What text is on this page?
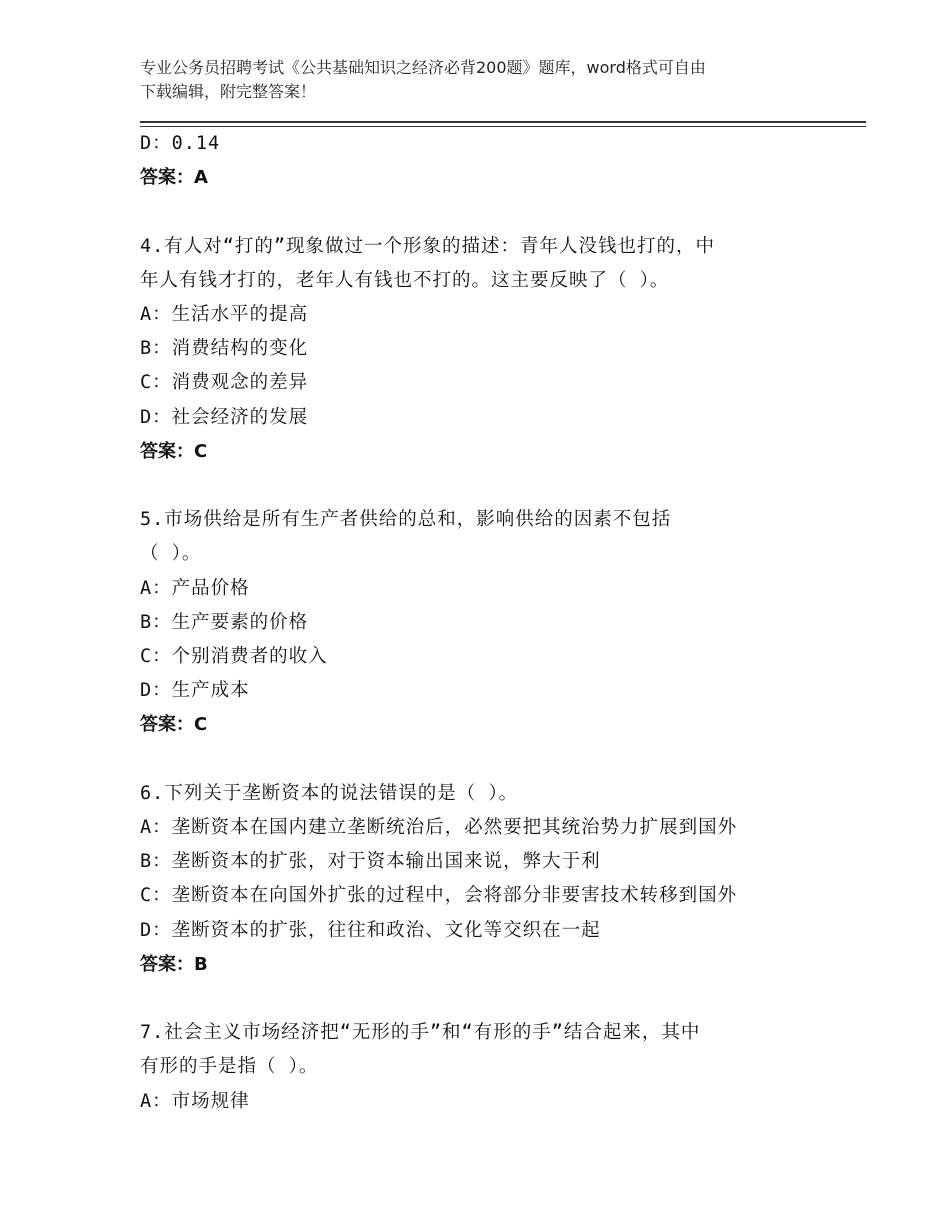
专业公务员招聘考试《公共基础知识之经济必背200题》题库，word格式可自由
下载编辑，附完整答案！
D：0.14
答案：A
4.有人对“打的”现象做过一个形象的描述：青年人没钱也打的，中
年人有钱才打的，老年人有钱也不打的。这主要反映了（ ）。
A：生活水平的提高
B：消费结构的变化
C：消费观念的差异
D：社会经济的发展
答案：C
5.市场供给是所有生产者供给的总和，影响供给的因素不包括
（ ）。
A：产品价格
B：生产要素的价格
C：个别消费者的收入
D：生产成本
答案：C
6.下列关于垄断资本的说法错误的是（ ）。
A：垄断资本在国内建立垄断统治后，必然要把其统治势力扩展到国外
B：垄断资本的扩张，对于资本输出国来说，弊大于利
C：垄断资本在向国外扩张的过程中，会将部分非要害技术转移到国外
D：垄断资本的扩张，往往和政治、文化等交织在一起
答案：B
7.社会主义市场经济把“无形的手”和“有形的手”结合起来，其中
有形的手是指（ ）。
A：市场规律
